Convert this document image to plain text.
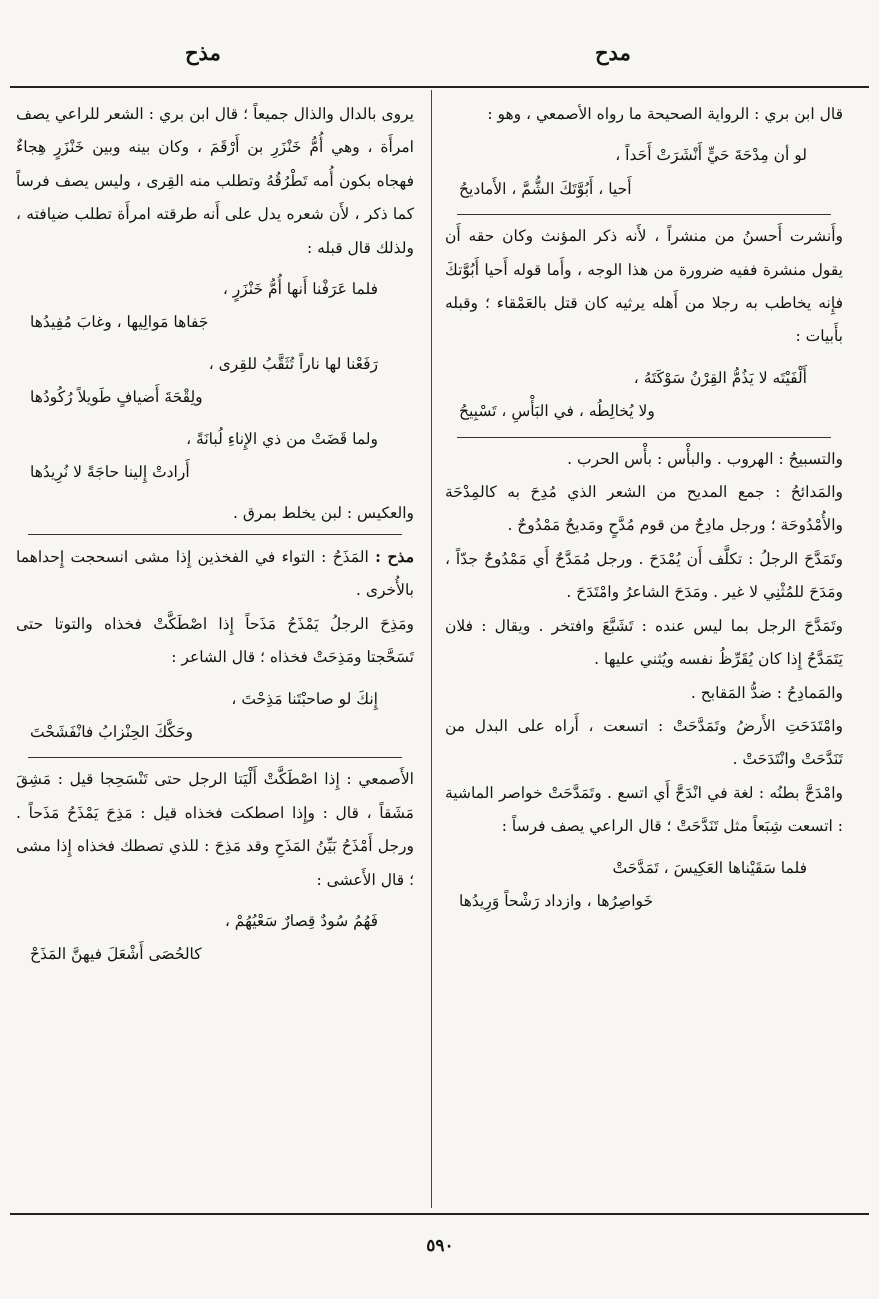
مدح
مذح

قال ابن بري : الرواية الصحيحة ما رواه الأصمعي ، وهو :

لو أن مِدْحَةَ حَيٍّ أَنْشَرَتْ أَحَداً ،
أَحيا ، أَبُوَّتَكَ الشُّمَّ ، الأَماديحُ

وأَنشرت أَحسنُ من منشراً ، لأَنه ذكر المؤنث وكان حقه أَن يقول منشرة ففيه ضرورة من هذا الوجه ، وأَما قوله أَحيا أَبُوَّتكَ فإِنه يخاطب به رجلا من أَهله يرثيه كان قتل بالعَمْقاء ؛ وقبله بأَبيات :

أَلْفَيْتَه لا يَذُمُّ القِرْنُ سَوْكَتَهُ ،
ولا يُخالِطُه ، في البَأْسِ ، تَسْبِيحُ

والتسبيحُ : الهروب . والبأْس : بأْس الحرب .

والمَدائحُ : جمع المديح من الشعر الذي مُدِحَ به كالمِدْحَة والأُمْدُوحَة ؛ ورجل مادِحٌ من قوم مُدَّحٍ ومَديحٌ مَمْدُوحٌ .

وتَمَدَّحَ الرجلُ : تكلَّف أَن يُمْدَحَ . ورجل مُمَدَّحٌ أَي مَمْدُوحٌ جدّاً ، ومَدَحَ للمُثْنِي لا غير . ومَدَحَ الشاعرُ وامْتَدَحَ .

وتَمَدَّحَ الرجل بما ليس عنده : تَشَبَّعَ وافتخر . ويقال : فلان يَتَمَدَّحُ إِذا كان يُقَرِّظُ نفسه ويُثني عليها .

والمَمادِحُ : ضدُّ المَقابح .

وامْتَدَحَتِ الأَرضُ وتَمَدَّحَتْ : اتسعت ، أَراه على البدل من تَنَدَّحَتْ وانْتَدَحَتْ .

وامْدَحَّ بطنُه : لغة في انْدَحَّ أَي اتسع . وتَمَدَّحَتْ خواصر الماشية : اتسعت شِبَعاً مثل تَنَدَّحَتْ ؛ قال الراعي يصف فرساً :

فلما سَقَيْناها العَكِيسَ ، تَمَدَّحَتْ
خَواصِرُها ، وازداد رَشْحاً وَرِيدُها

يروى بالدال والذال جميعاً ؛ قال ابن بري : الشعر للراعي يصف امرأَة ، وهي أُمُّ خَنْزَرِ بن أَرْقَمَ ، وكان بينه وبين خَنْزَرٍ هِجاءٌ فهجاه بكون أُمه تَطْرُقُهُ وتطلب منه القِرى ، وليس يصف فرساً كما ذكر ، لأَن شعره يدل على أَنه طرقته امرأَة تطلب ضيافته ، ولذلك قال قبله :

فلما عَرَفْنا أَنها أُمُّ خَنْزَرٍ ،
جَفاها مَوالِيها ، وغابَ مُفِيدُها
رَفَعْنا لها ناراً تُثَقَّبُ للقِرى ،
ولِقْحَةَ أَضيافٍ طَويلاً رُكُودُها
ولما قَضَتْ من ذي الإِناءِ لُبانَةً ،
أَرادتْ إِلينا حاجَةً لا نُرِيدُها

والعكيس : لبن يخلط بمرق .

مذح : المَذَحُ : التواء في الفخذين إِذا مشى انسحجت إِحداهما بالأُخرى .

ومَذِحَ الرجلُ يَمْذَحُ مَذَحاً إِذا اصْطَكَّتْ فخذاه والتوتا حتى تَسَحَّجتا ومَذِحَتْ فخذاه ؛ قال الشاعر :

إِنكَ لو صاحبْتَنا مَذِحْتَ ،
وحَكَّكَ الحِنْزابُ فانْفَشَحْتَ

الأَصمعي : إِذا اصْطَكَّتْ أَلْيَتا الرجل حتى تَنْسَحِجا قيل : مَشِقَ مَشَقاً ، قال : وإِذا اصطكت فخذاه قيل : مَذِحَ يَمْذَحُ مَذَحاً . ورجل أَمْذَحُ بَيِّنُ المَذَحِ وقد مَذِحَ : للذي تصطك فخذاه إِذا مشى ؛ قال الأَعشى :

فَهُمُ سُودٌ قِصارٌ سَعْيُهُمْ ،
كالحُصَى أَشْعَلَ فيهنَّ المَذَحْ
٥٩٠
